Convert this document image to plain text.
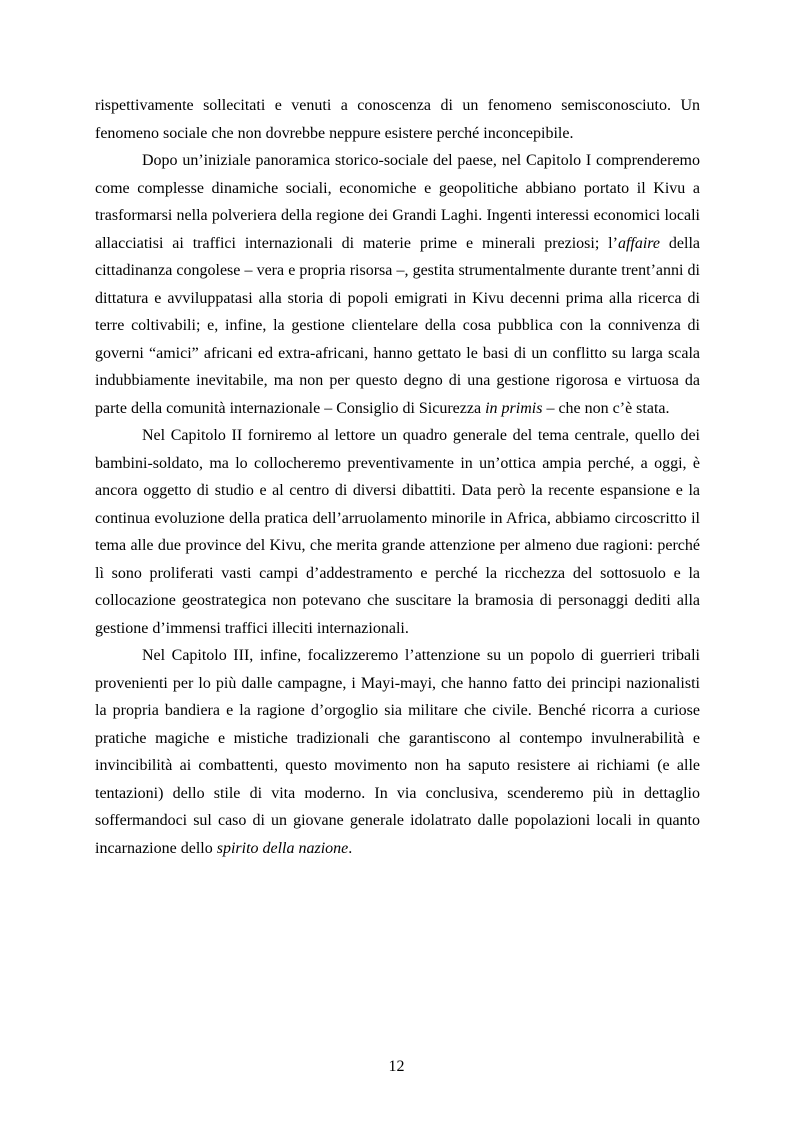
rispettivamente sollecitati e venuti a conoscenza di un fenomeno semisconosciuto. Un fenomeno sociale che non dovrebbe neppure esistere perché inconcepibile.

Dopo un’iniziale panoramica storico-sociale del paese, nel Capitolo I comprenderemo come complesse dinamiche sociali, economiche e geopolitiche abbiano portato il Kivu a trasformarsi nella polveriera della regione dei Grandi Laghi. Ingenti interessi economici locali allacciatisi ai traffici internazionali di materie prime e minerali preziosi; l’affaire della cittadinanza congolese – vera e propria risorsa –, gestita strumentalmente durante trent’anni di dittatura e avviluppatasi alla storia di popoli emigrati in Kivu decenni prima alla ricerca di terre coltivabili; e, infine, la gestione clientelare della cosa pubblica con la connivenza di governi “amici” africani ed extra-africani, hanno gettato le basi di un conflitto su larga scala indubbiamente inevitabile, ma non per questo degno di una gestione rigorosa e virtuosa da parte della comunità internazionale – Consiglio di Sicurezza in primis – che non c’è stata.

Nel Capitolo II forniremo al lettore un quadro generale del tema centrale, quello dei bambini-soldato, ma lo collocheremo preventivamente in un’ottica ampia perché, a oggi, è ancora oggetto di studio e al centro di diversi dibattiti. Data però la recente espansione e la continua evoluzione della pratica dell’arruolamento minorile in Africa, abbiamo circoscritto il tema alle due province del Kivu, che merita grande attenzione per almeno due ragioni: perché lì sono proliferati vasti campi d’addestramento e perché la ricchezza del sottosuolo e la collocazione geostrategica non potevano che suscitare la bramosia di personaggi dediti alla gestione d’immensi traffici illeciti internazionali.

Nel Capitolo III, infine, focalizzeremo l’attenzione su un popolo di guerrieri tribali provenienti per lo più dalle campagne, i Mayi-mayi, che hanno fatto dei principi nazionalisti la propria bandiera e la ragione d’orgoglio sia militare che civile. Benché ricorra a curiose pratiche magiche e mistiche tradizionali che garantiscono al contempo invulnerabilità e invincibilità ai combattenti, questo movimento non ha saputo resistere ai richiami (e alle tentazioni) dello stile di vita moderno. In via conclusiva, scenderemo più in dettaglio soffermandoci sul caso di un giovane generale idolatrato dalle popolazioni locali in quanto incarnazione dello spirito della nazione.

12
